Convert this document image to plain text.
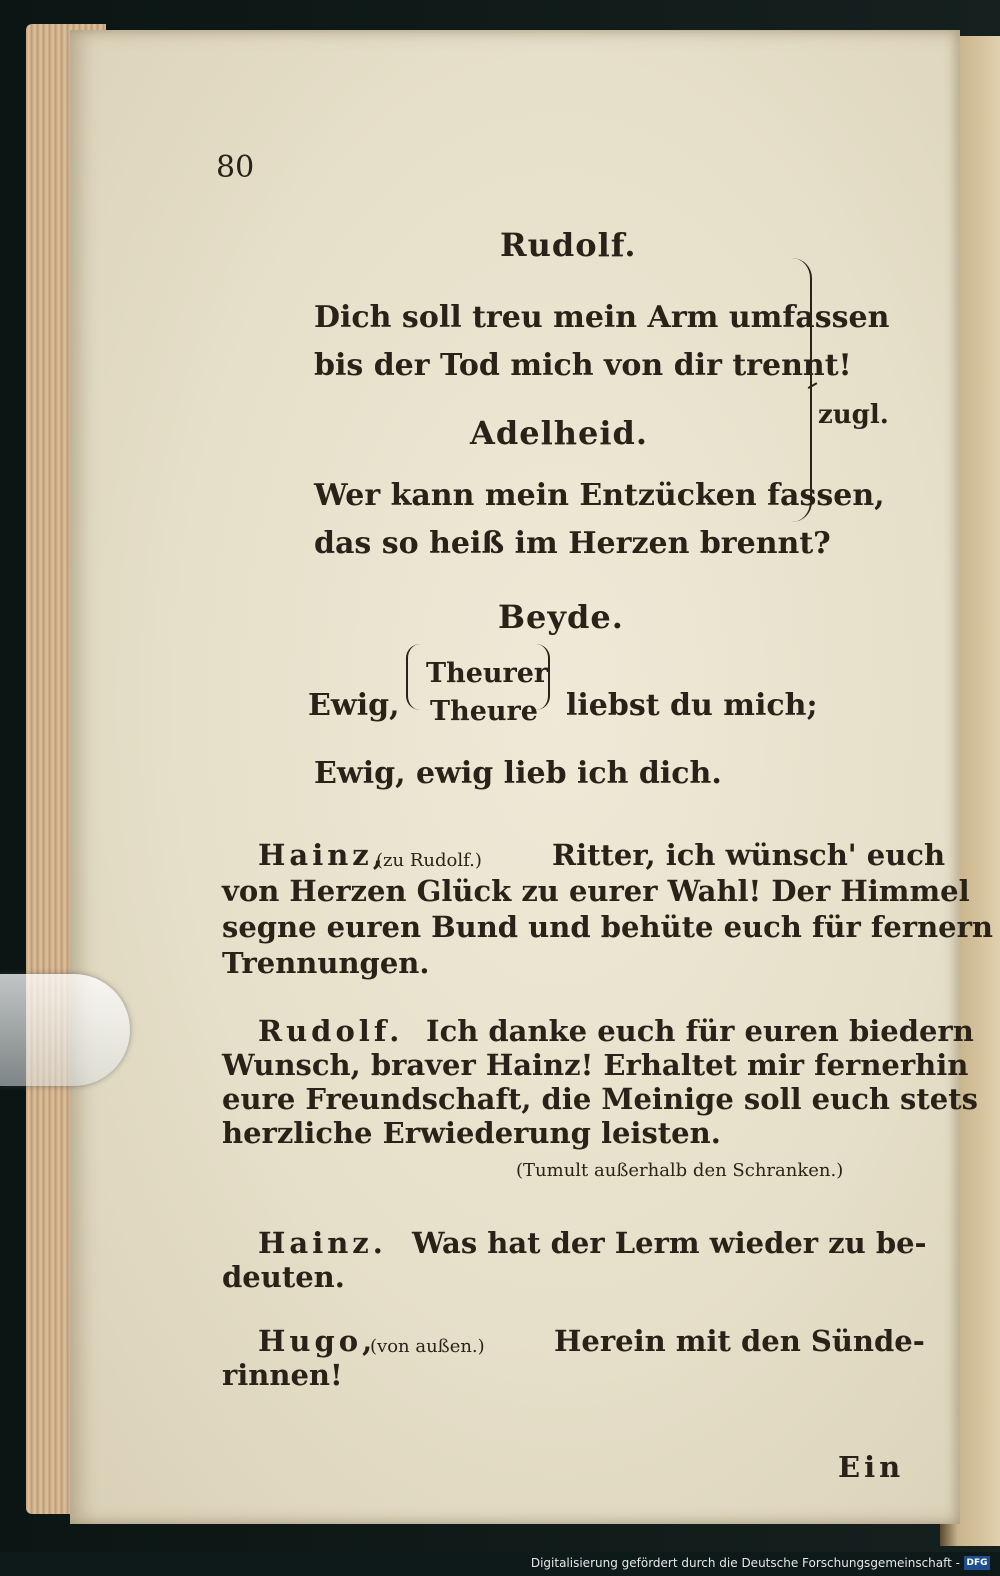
80

Rudolf.

Dich soll treu mein Arm umfassen

bis der Tod mich von dir trennt!

Adelheid.

Wer kann mein Entzücken fassen,

das so heiß im Herzen brennt?

zugl.

Beyde.

Ewig,

Theurer

Theure liebst du mich;

Ewig, ewig lieb ich dich.

Hainz,

(zu Rudolf.) Ritter, ich wünsch' euch

von Herzen Glück zu eurer Wahl! Der Himmel

segne euren Bund und behüte euch für fernern

Trennungen.

Rudolf. Ich danke euch für euren biedern

Wunsch, braver Hainz! Erhaltet mir fernerhin

eure Freundschaft, die Meinige soll euch stets

herzliche Erwiederung leisten.

(Tumult außerhalb den Schranken.)

Hainz. Was hat der Lerm wieder zu be-

deuten.

Hugo,

(von außen.) Herein mit den Sünde-

rinnen!

Ein

Digitalisierung gefördert durch die Deutsche Forschungsgemeinschaft - DFG
